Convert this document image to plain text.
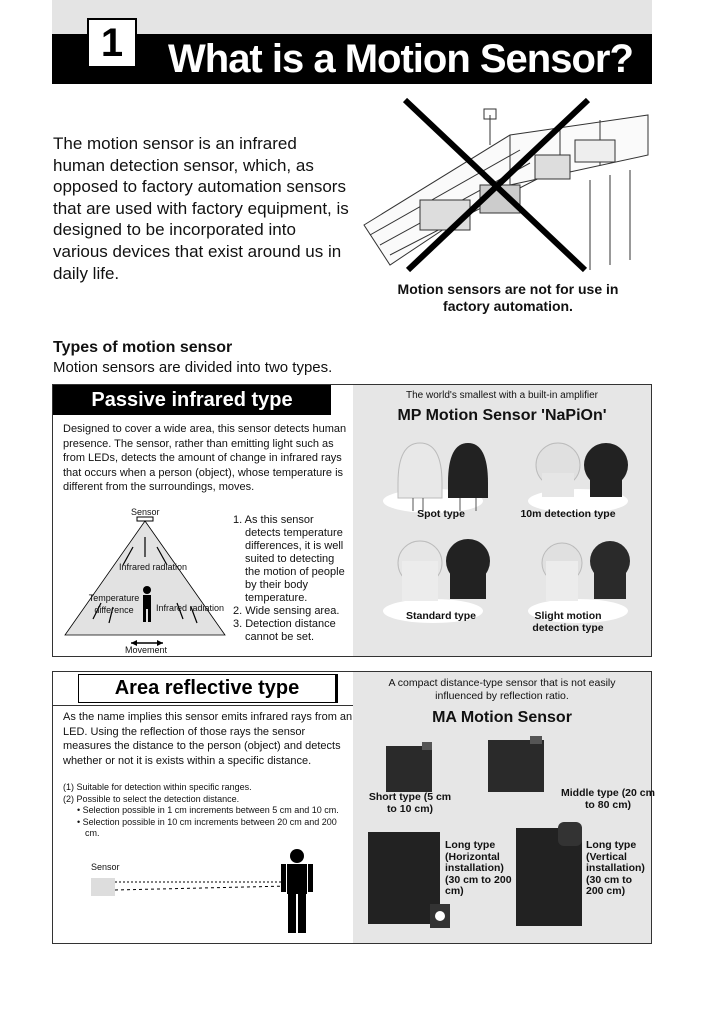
1	What is a Motion Sensor?
The motion sensor is an infrared human detection sensor, which, as opposed to factory automation sensors that are used with factory equipment, is designed to be incorporated into various devices that exist around us in daily life.
Motion sensors are not for use in factory automation.
Types of motion sensor
Motion sensors are divided into two types.
Passive infrared type
Designed to cover a wide area, this sensor detects human presence. The sensor, rather than emitting light such as from LEDs, detects the amount of change in infrared rays that occurs when a person (object), whose temperature is different from the surroundings, moves.
Sensor
Infrared radiation
Temperature difference	Infrared radiation
Movement
1. As this sensor detects temperature differences, it is well suited to detecting the motion of people by their body temperature.
2. Wide sensing area.
3. Detection distance cannot be set.
The world's smallest with a built-in amplifier
MP Motion Sensor 'NaPiOn'
Spot type	10m detection type
Standard type	Slight motion detection type
Area reflective type
As the name implies this sensor emits infrared rays from an LED. Using the reflection of those rays the sensor measures the distance to the person (object) and detects whether or not it is exists within a specific distance.
(1) Suitable for detection within specific ranges.
(2) Possible to select the detection distance.
• Selection possible in 1 cm increments between 5 cm and 10 cm.
• Selection possible in 10 cm increments between 20 cm and 200 cm.
Sensor
A compact distance-type sensor that is not easily influenced by reflection ratio.
MA Motion Sensor
Short type (5 cm to 10 cm)
Middle type (20 cm to 80 cm)
Long type (Horizontal installation) (30 cm to 200 cm)
Long type (Vertical installation) (30 cm to 200 cm)
